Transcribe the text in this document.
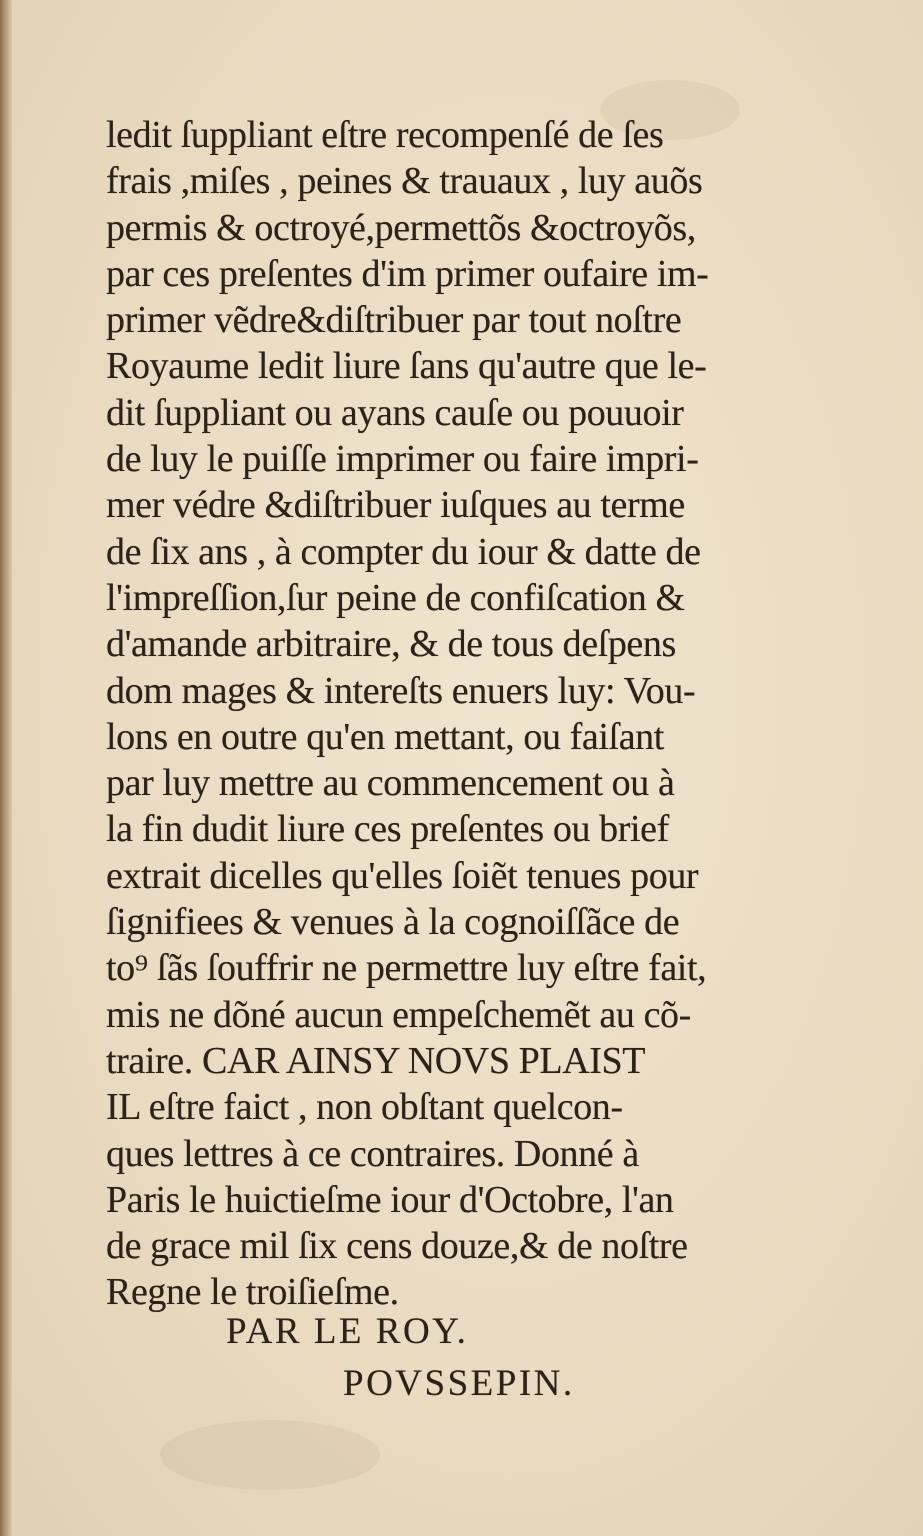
ledit ſuppliant eſtre recompenſé de ſes
frais ,miſes , peines & trauaux , luy auõs
permis & octroyé,permettõs &octroyõs,
par ces preſentes d'im primer oufaire im-
primer vẽdre&diſtribuer par tout noſtre
Royaume ledit liure ſans qu'autre que le-
dit ſuppliant ou ayans cauſe ou pouuoir
de luy le puiſſe imprimer ou faire impri-
mer védre &diſtribuer iuſques au terme
de ſix ans , à compter du iour & datte de
l'impreſſion,ſur peine de confiſcation &
d'amande arbitraire, & de tous deſpens
dom mages & intereſts enuers luy: Vou-
lons en outre qu'en mettant, ou faiſant
par luy mettre au commencement ou à
la fin dudit liure ces preſentes ou brief
extrait dicelles qu'elles ſoiẽt tenues pour
ſignifiees & venues à la cognoiſſãce de
to⁹ ſãs ſouffrir ne permettre luy eſtre fait,
mis ne dõné aucun empeſchemẽt au cõ-
traire. CAR AINSY NOVS PLAIST
IL eſtre faict , non obſtant quelcon-
ques lettres à ce contraires. Donné à
Paris le huictieſme iour d'Octobre, l'an
de grace mil ſix cens douze,& de noſtre
Regne le troiſieſme.
PAR LE ROY.
POVSSEPIN.
